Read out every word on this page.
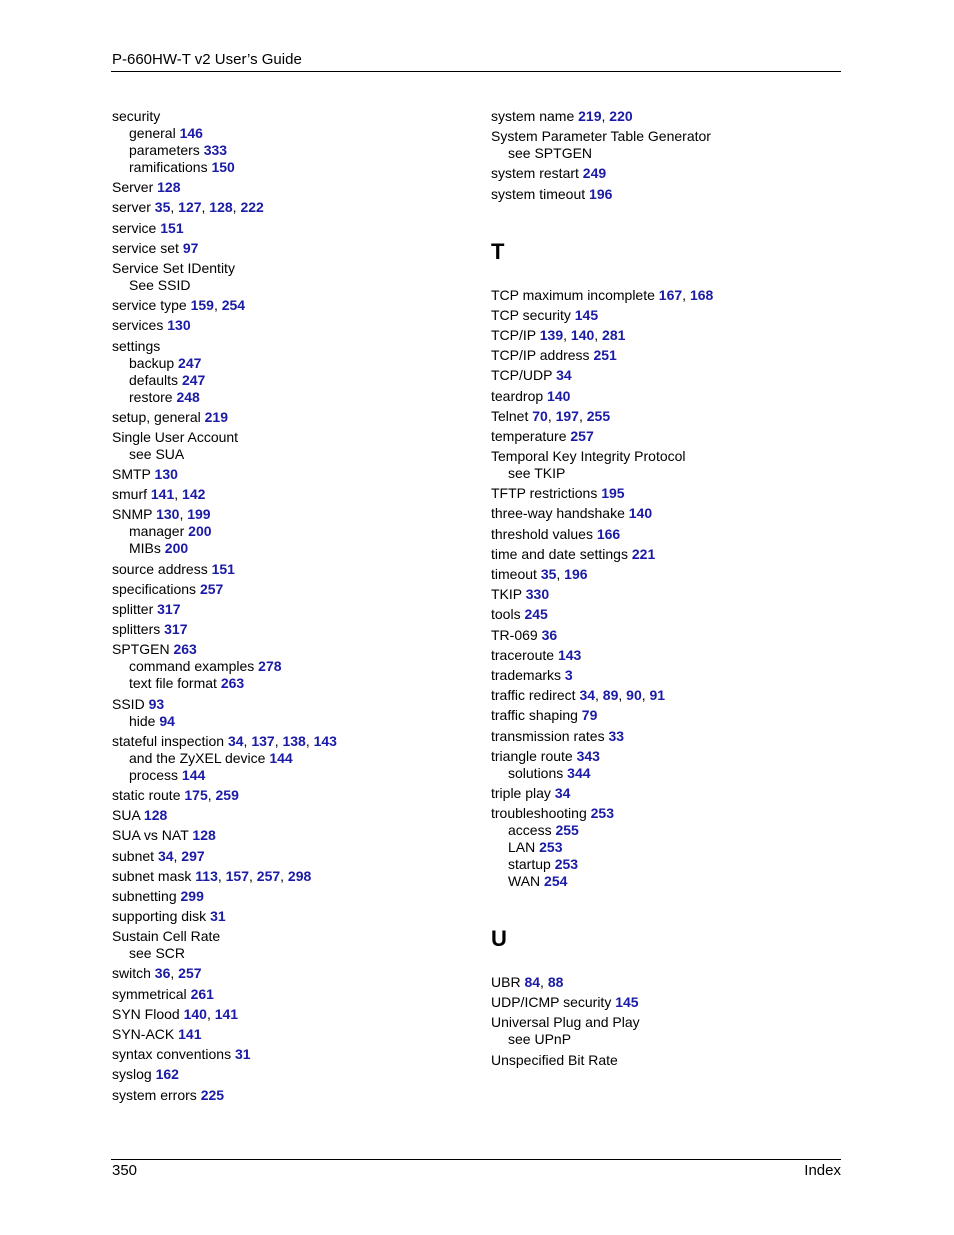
P-660HW-T v2 User’s Guide
security
general 146
parameters 333
ramifications 150
Server 128
server 35, 127, 128, 222
service 151
service set 97
Service Set IDentity
See SSID
service type 159, 254
services 130
settings
backup 247
defaults 247
restore 248
setup, general 219
Single User Account
see SUA
SMTP 130
smurf 141, 142
SNMP 130, 199
manager 200
MIBs 200
source address 151
specifications 257
splitter 317
splitters 317
SPTGEN 263
command examples 278
text file format 263
SSID 93
hide 94
stateful inspection 34, 137, 138, 143
and the ZyXEL device 144
process 144
static route 175, 259
SUA 128
SUA vs NAT 128
subnet 34, 297
subnet mask 113, 157, 257, 298
subnetting 299
supporting disk 31
Sustain Cell Rate
see SCR
switch 36, 257
symmetrical 261
SYN Flood 140, 141
SYN-ACK 141
syntax conventions 31
syslog 162
system errors 225
system name 219, 220
System Parameter Table Generator
see SPTGEN
system restart 249
system timeout 196
T
TCP maximum incomplete 167, 168
TCP security 145
TCP/IP 139, 140, 281
TCP/IP address 251
TCP/UDP 34
teardrop 140
Telnet 70, 197, 255
temperature 257
Temporal Key Integrity Protocol
see TKIP
TFTP restrictions 195
three-way handshake 140
threshold values 166
time and date settings 221
timeout 35, 196
TKIP 330
tools 245
TR-069 36
traceroute 143
trademarks 3
traffic redirect 34, 89, 90, 91
traffic shaping 79
transmission rates 33
triangle route 343
solutions 344
triple play 34
troubleshooting 253
access 255
LAN 253
startup 253
WAN 254
U
UBR 84, 88
UDP/ICMP security 145
Universal Plug and Play
see UPnP
Unspecified Bit Rate
350	Index
